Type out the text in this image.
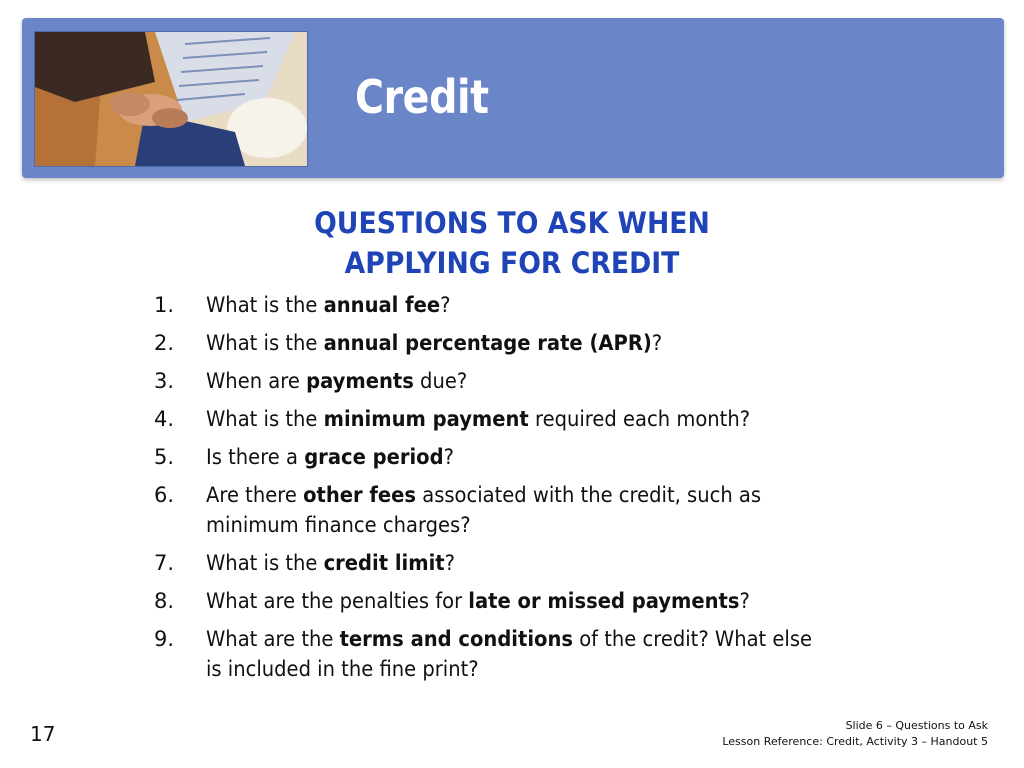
Credit
QUESTIONS TO ASK WHEN
APPLYING FOR CREDIT
1.	What is the annual fee?
2.	What is the annual percentage rate (APR)?
3.	When are payments due?
4.	What is the minimum payment required each month?
5.	Is there a grace period?
6.	Are there other fees associated with the credit, such as minimum finance charges?
7.	What is the credit limit?
8.	What are the penalties for late or missed payments?
9.	What are the terms and conditions of the credit? What else is included in the fine print?
17	Slide 6 – Questions to Ask
Lesson Reference: Credit, Activity 3 – Handout 5
